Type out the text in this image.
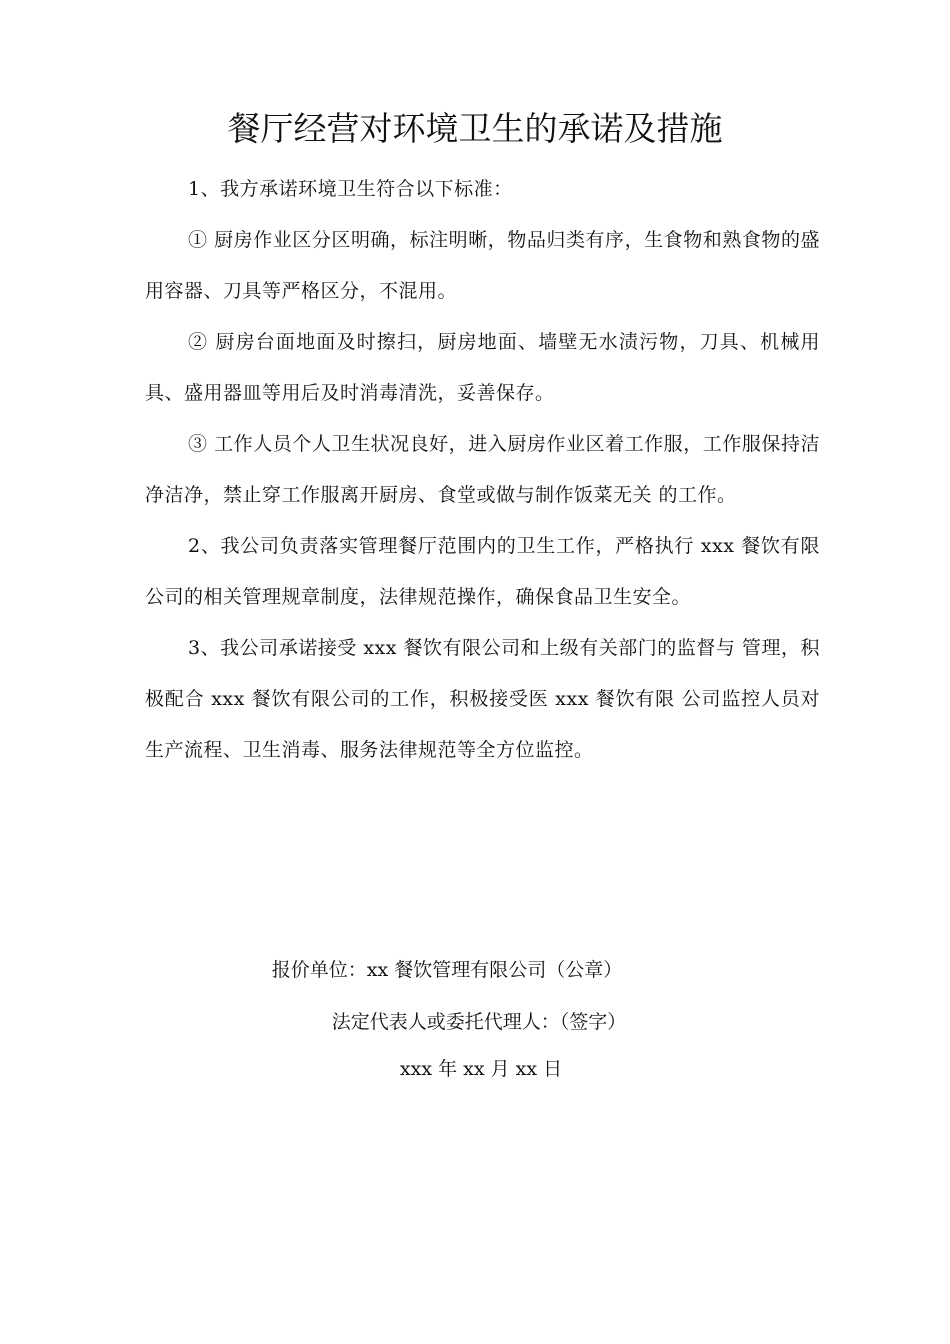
餐厅经营对环境卫生的承诺及措施

1、我方承诺环境卫生符合以下标准：

① 厨房作业区分区明确，标注明晰，物品归类有序，生食物和熟食物的盛用容器、刀具等严格区分，不混用。

② 厨房台面地面及时擦扫，厨房地面、墙壁无水渍污物，刀具、机械用具、盛用器皿等用后及时消毒清洗，妥善保存。

③ 工作人员个人卫生状况良好，进入厨房作业区着工作服，工作服保持洁净洁净，禁止穿工作服离开厨房、食堂或做与制作饭菜无关 的工作。

2、我公司负责落实管理餐厅范围内的卫生工作，严格执行 xxx 餐饮有限公司的相关管理规章制度，法律规范操作，确保食品卫生安全。

3、我公司承诺接受 xxx 餐饮有限公司和上级有关部门的监督与 管理，积极配合 xxx 餐饮有限公司的工作，积极接受医 xxx 餐饮有限 公司监控人员对生产流程、卫生消毒、服务法律规范等全方位监控。

报价单位：xx 餐饮管理有限公司（公章）
法定代表人或委托代理人：（签字）
xxx 年 xx 月 xx 日
